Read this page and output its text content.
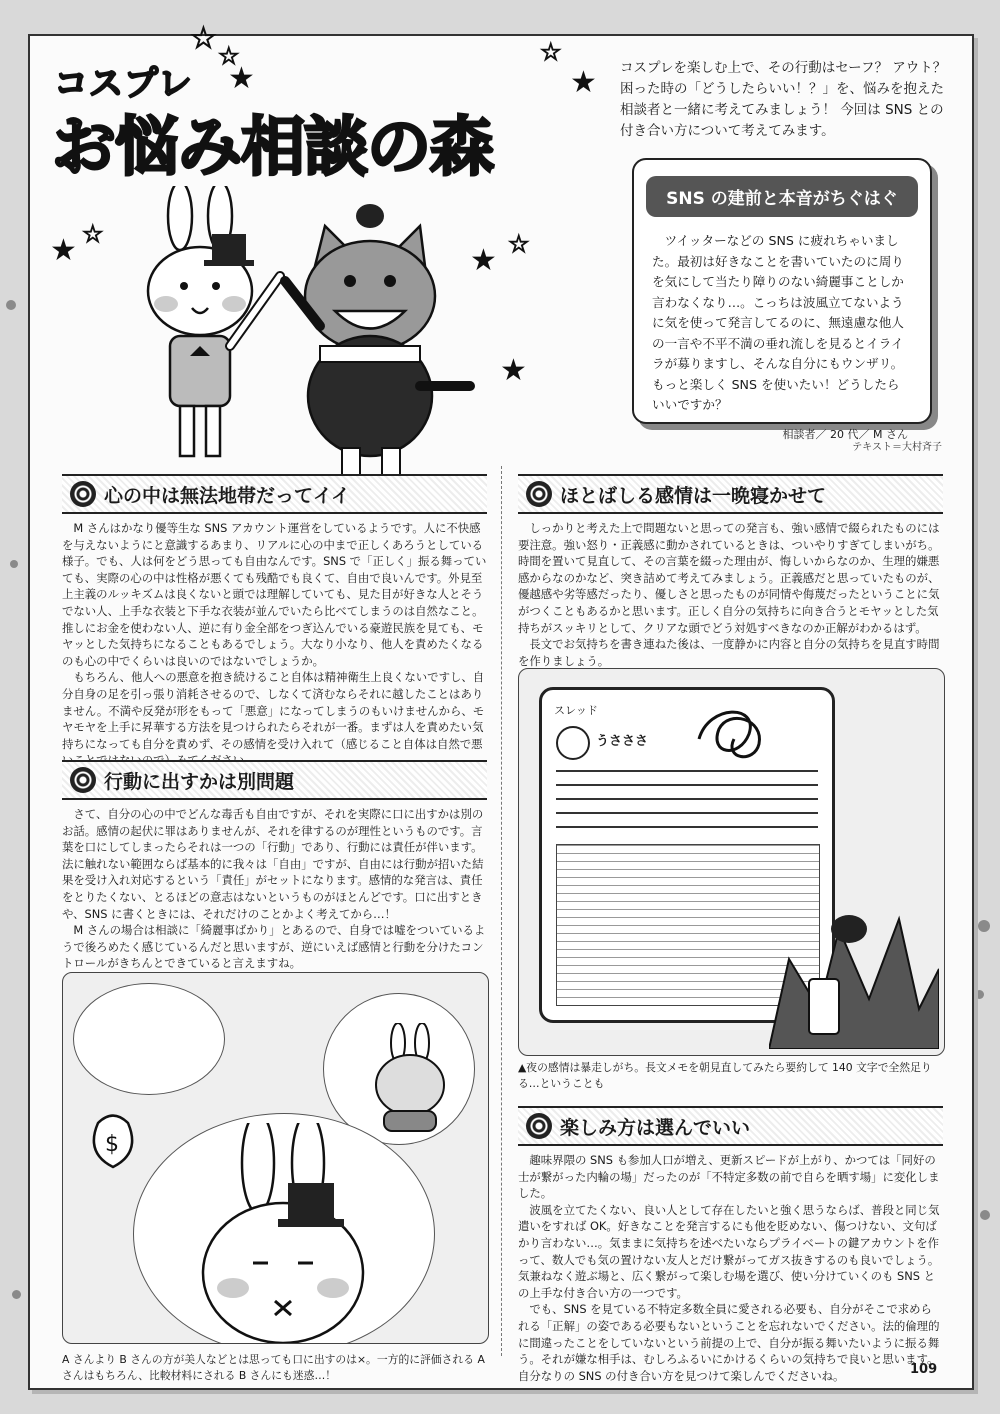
コスプレ
お悩み相談の森
☆ ☆
★
☆
★
★ ☆
★ ☆
★
コスプレを楽しむ上で、その行動はセーフ？ アウト？ 困った時の「どうしたらいい！？」を、悩みを抱えた相談者と一緒に考えてみましょう！ 今回は SNS との付き合い方について考えてみます。
SNS の建前と本音がちぐはぐ
ツイッターなどの SNS に疲れちゃいました。最初は好きなことを書いていたのに周りを気にして当たり障りのない綺麗事ことしか言わなくなり…。こっちは波風立てないように気を使って発言してるのに、無遠慮な他人の一言や不平不満の垂れ流しを見るとイライラが募りますし、そんな自分にもウンザリ。もっと楽しく SNS を使いたい！どうしたらいいですか？
相談者／ 20 代／ M さん
テキスト＝大村斉子
心の中は無法地帯だってイイ

M さんはかなり優等生な SNS アカウント運営をしているようです。人に不快感を与えないようにと意識するあまり、リアルに心の中まで正しくあろうとしている様子。でも、人は何をどう思っても自由なんです。SNS で「正しく」振る舞っていても、実際の心の中は性格が悪くても残酷でも良くて、自由で良いんです。外見至上主義のルッキズムは良くないと頭では理解していても、見た目が好きな人とそうでない人、上手な衣装と下手な衣装が並んでいたら比べてしまうのは自然なこと。推しにお金を使わない人、逆に有り金全部をつぎ込んでいる豪遊民族を見ても、モヤッとした気持ちになることもあるでしょう。大なり小なり、他人を責めたくなるのも心の中でくらいは良いのではないでしょうか。

もちろん、他人への悪意を抱き続けること自体は精神衛生上良くないですし、自分自身の足を引っ張り消耗させるので、しなくて済むならそれに越したことはありません。不満や反発が形をもって「悪意」になってしまうのもいけませんから、モヤモヤを上手に昇華する方法を見つけられたらそれが一番。まずは人を責めたい気持ちになっても自分を責めず、その感情を受け入れて（感じること自体は自然で悪

行動に出すかは別問題

さて、自分の心の中でどんな毒舌も自由ですが、それを実際に口に出すかは別のお話。感情の起伏に罪はありませんが、それを律するのが理性というものです。言葉を口にしてしまったらそれは一つの「行動」であり、行動には責任が伴います。法に触れない範囲ならば基本的に我々は「自由」ですが、自由には行動が招いた結果を受け入れ対応するという「責任」がセットになります。感情的な発言は、責任をとりたくない、とるほどの意志はないというものがほとんどです。口に出すときや、SNS に書くときには、それだけのことかよく考えてから…！

M さんの場合は相談に「綺麗事ばかり」とあるので、自身では嘘をついているようで後ろめたく感じているんだと思いますが、逆にいえば感情と行動を分けたコントロールがきちんとできていると言えますね。

$
A さんより B さんの方が美人などとは思っても口に出すのは×。一方的に評価される A さんはもちろん、比較材料にされる B さんにも迷惑…！
ほとばしる感情は一晩寝かせて

しっかりと考えた上で問題ないと思っての発言も、強い感情で綴られたものには要注意。強い怒り・正義感に動かされているときは、ついやりすぎてしまいがち。時間を置いて見直して、その言葉を綴った理由が、悔しいからなのか、生理的嫌悪感からなのかなど、突き詰めて考えてみましょう。正義感だと思っていたものが、優越感や劣等感だったり、優しさと思ったものが同情や侮蔑だったということに気がつくこともあるかと思います。正しく自分の気持ちに向き合うとモヤッとした気持ちがスッキリとして、クリアな頭でどう対処すべきなのか正解がわかるはず。

長文でお気持ちを書き連ねた後は、一度静かに内容と自分の気持ちを見直す時間を作りましょう。

スレッド
うさささ
▲夜の感情は暴走しがち。長文メモを朝見直してみたら要約して 140 文字で全然足りる…ということも
楽しみ方は選んでいい

趣味界隈の SNS も参加人口が増え、更新スピードが上がり、かつては「同好の士が繋がった内輪の場」だったのが「不特定多数の前で自らを晒す場」に変化しました。

波風を立てたくない、良い人として存在したいと強く思うならば、普段と同じ気遣いをすれば OK。好きなことを発言するにも他を貶めない、傷つけない、文句ばかり言わない…。気ままに気持ちを述べたいならプライベートの鍵アカウントを作って、数人でも気の置けない友人とだけ繋がってガス抜きするのも良いでしょう。気兼ねなく遊ぶ場と、広く繋がって楽しむ場を選び、使い分けていくのも SNS との上手な付き合い方の一つです。

でも、SNS を見ている不特定多数全員に愛される必要も、自分がそこで求められる「正解」の姿である必要もないということを忘れないでください。法的倫理的に間違ったことをしていないという前提の上で、自分が振る舞いたいように振る舞う。それが嫌な相手は、むしろふるいにかけるくらいの気持ちで良いと思います。自分なりの SNS の付き合い方を見つけて楽しんでくださいね。	109
